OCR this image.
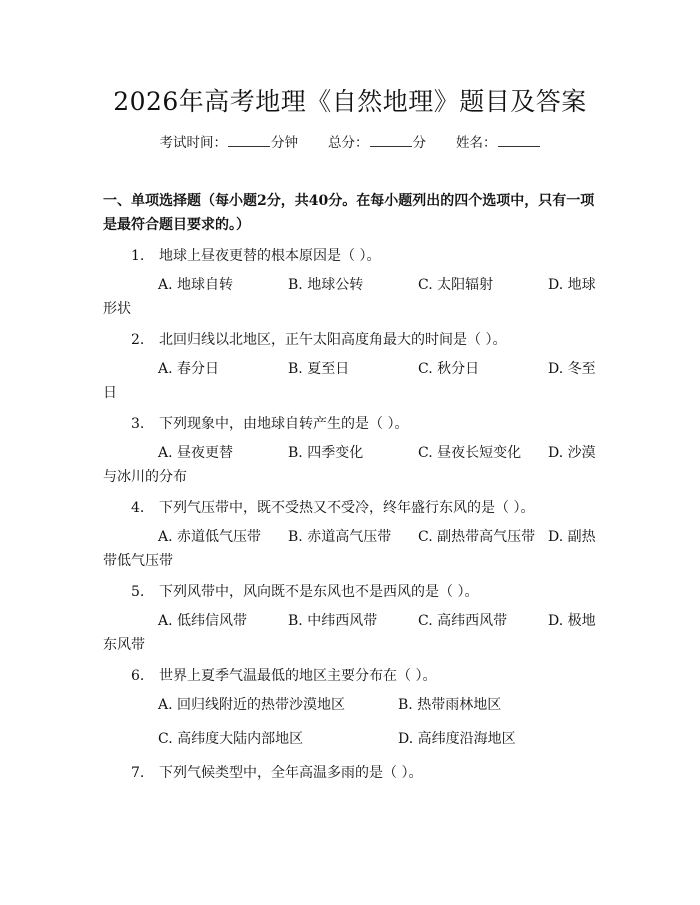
2026年高考地理《自然地理》题目及答案
考试时间：	分钟 总分：	分 姓名：
一、单项选择题（每小题2分，共40分。在每小题列出的四个选项中，只有一项是最符合题目要求的。）
1. 地球上昼夜更替的根本原因是（ ）。
A. 地球自转	B. 地球公转	C. 太阳辐射	D. 地球
形状
2. 北回归线以北地区，正午太阳高度角最大的时间是（ ）。
A. 春分日	B. 夏至日	C. 秋分日	D. 冬至
日
3. 下列现象中，由地球自转产生的是（ ）。
A. 昼夜更替	B. 四季变化	C. 昼夜长短变化 D. 沙漠
与冰川的分布
4. 下列气压带中，既不受热又不受冷，终年盛行东风的是（ ）。
A. 赤道低气压带 B. 赤道高气压带 C. 副热带高气压带 D. 副热
带低气压带
5. 下列风带中，风向既不是东风也不是西风的是（ ）。
A. 低纬信风带	B. 中纬西风带	C. 高纬西风带	D. 极地
东风带
6. 世界上夏季气温最低的地区主要分布在（ ）。
A. 回归线附近的热带沙漠地区	B. 热带雨林地区
C. 高纬度大陆内部地区	D. 高纬度沿海地区
7. 下列气候类型中，全年高温多雨的是（ ）。
